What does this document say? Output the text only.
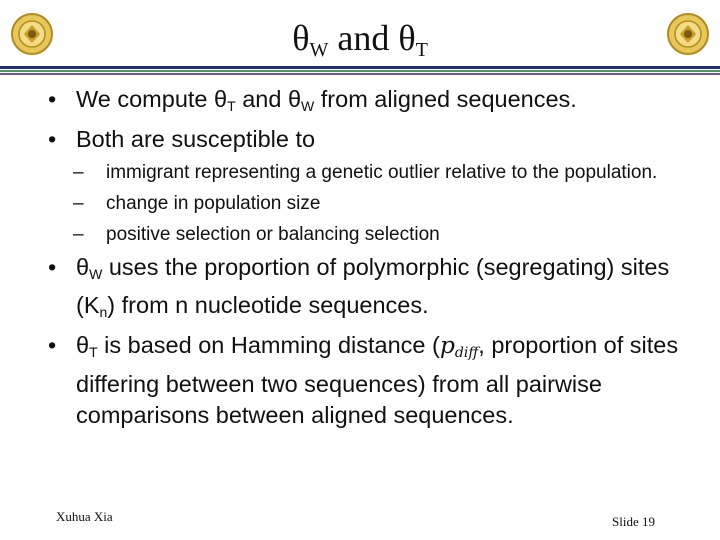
$\theta_W$ and $\theta_T$
• We compute $\theta_T$ and $\theta_W$ from aligned sequences.
• Both are susceptible to
– immigrant representing a genetic outlier relative to the population.
– change in population size
– positive selection or balancing selection
• $\theta_W$ uses the proportion of polymorphic (segregating) sites $(K_n)$ from n nucleotide sequences.
• $\theta_T$ is based on Hamming distance ($p_{diff}$, proportion of sites differing between two sequences) from all pairwise comparisons between aligned sequences.
Xuhua Xia	Slide 19
